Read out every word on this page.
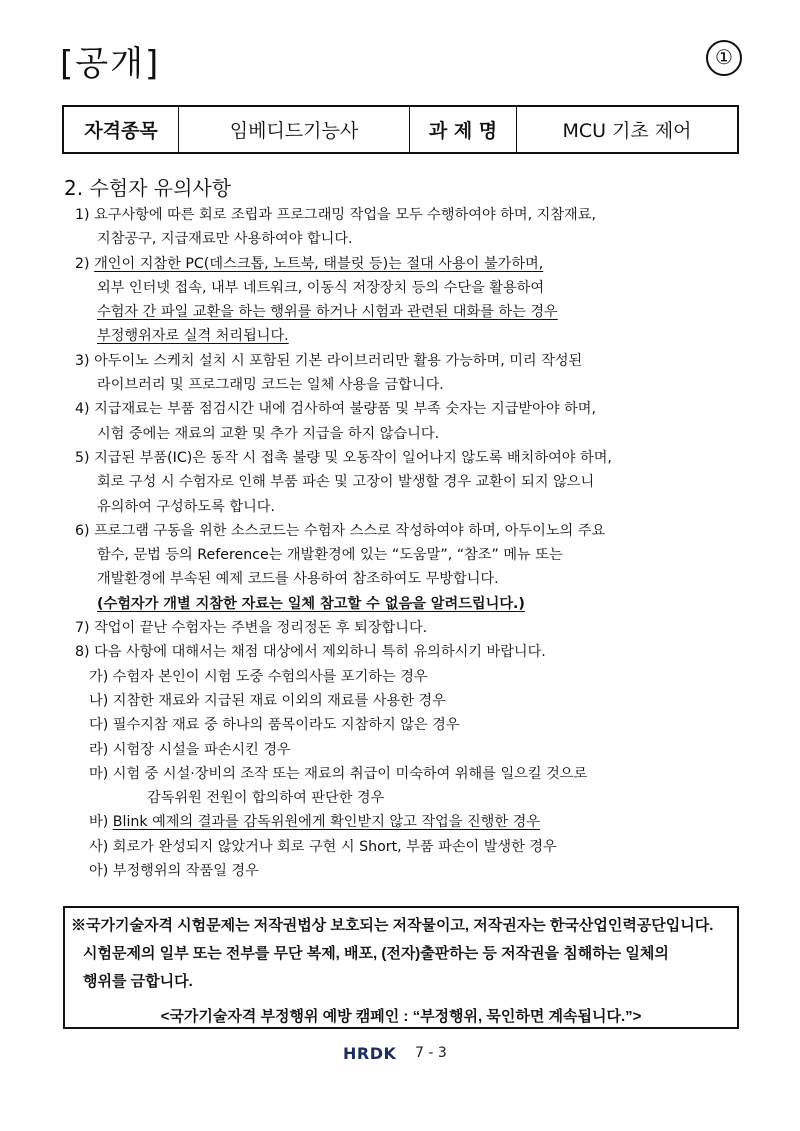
[공개]	①
자격종목	임베디드기능사	과 제 명	MCU 기초 제어
2. 수험자 유의사항
1) 요구사항에 따른 회로 조립과 프로그래밍 작업을 모두 수행하여야 하며, 지참재료,
지참공구, 지급재료만 사용하여야 합니다.
2) 개인이 지참한 PC(데스크톱, 노트북, 태블릿 등)는 절대 사용이 불가하며,
외부 인터넷 접속, 내부 네트워크, 이동식 저장장치 등의 수단을 활용하여
수험자 간 파일 교환을 하는 행위를 하거나 시험과 관련된 대화를 하는 경우
부정행위자로 실격 처리됩니다.
3) 아두이노 스케치 설치 시 포함된 기본 라이브러리만 활용 가능하며, 미리 작성된
라이브러리 및 프로그래밍 코드는 일체 사용을 금합니다.
4) 지급재료는 부품 점검시간 내에 검사하여 불량품 및 부족 숫자는 지급받아야 하며,
시험 중에는 재료의 교환 및 추가 지급을 하지 않습니다.
5) 지급된 부품(IC)은 동작 시 접촉 불량 및 오동작이 일어나지 않도록 배치하여야 하며,
회로 구성 시 수험자로 인해 부품 파손 및 고장이 발생할 경우 교환이 되지 않으니
유의하여 구성하도록 합니다.
6) 프로그램 구동을 위한 소스코드는 수험자 스스로 작성하여야 하며, 아두이노의 주요
함수, 문법 등의 Reference는 개발환경에 있는 “도움말”, “참조” 메뉴 또는
개발환경에 부속된 예제 코드를 사용하여 참조하여도 무방합니다.
(수험자가 개별 지참한 자료는 일체 참고할 수 없음을 알려드립니다.)
7) 작업이 끝난 수험자는 주변을 정리정돈 후 퇴장합니다.
8) 다음 사항에 대해서는 채점 대상에서 제외하니 특히 유의하시기 바랍니다.
가) 수험자 본인이 시험 도중 수험의사를 포기하는 경우
나) 지참한 재료와 지급된 재료 이외의 재료를 사용한 경우
다) 필수지참 재료 중 하나의 품목이라도 지참하지 않은 경우
라) 시험장 시설을 파손시킨 경우
마) 시험 중 시설·장비의 조작 또는 재료의 취급이 미숙하여 위해를 일으킬 것으로
감독위원 전원이 합의하여 판단한 경우
바) Blink 예제의 결과를 감독위원에게 확인받지 않고 작업을 진행한 경우
사) 회로가 완성되지 않았거나 회로 구현 시 Short, 부품 파손이 발생한 경우
아) 부정행위의 작품일 경우
※국가기술자격 시험문제는 저작권법상 보호되는 저작물이고, 저작권자는 한국산업인력공단입니다.
시험문제의 일부 또는 전부를 무단 복제, 배포, (전자)출판하는 등 저작권을 침해하는 일체의
행위를 금합니다.
<국가기술자격 부정행위 예방 캠페인 : “부정행위, 묵인하면 계속됩니다.”>
HRDK 7 - 3
